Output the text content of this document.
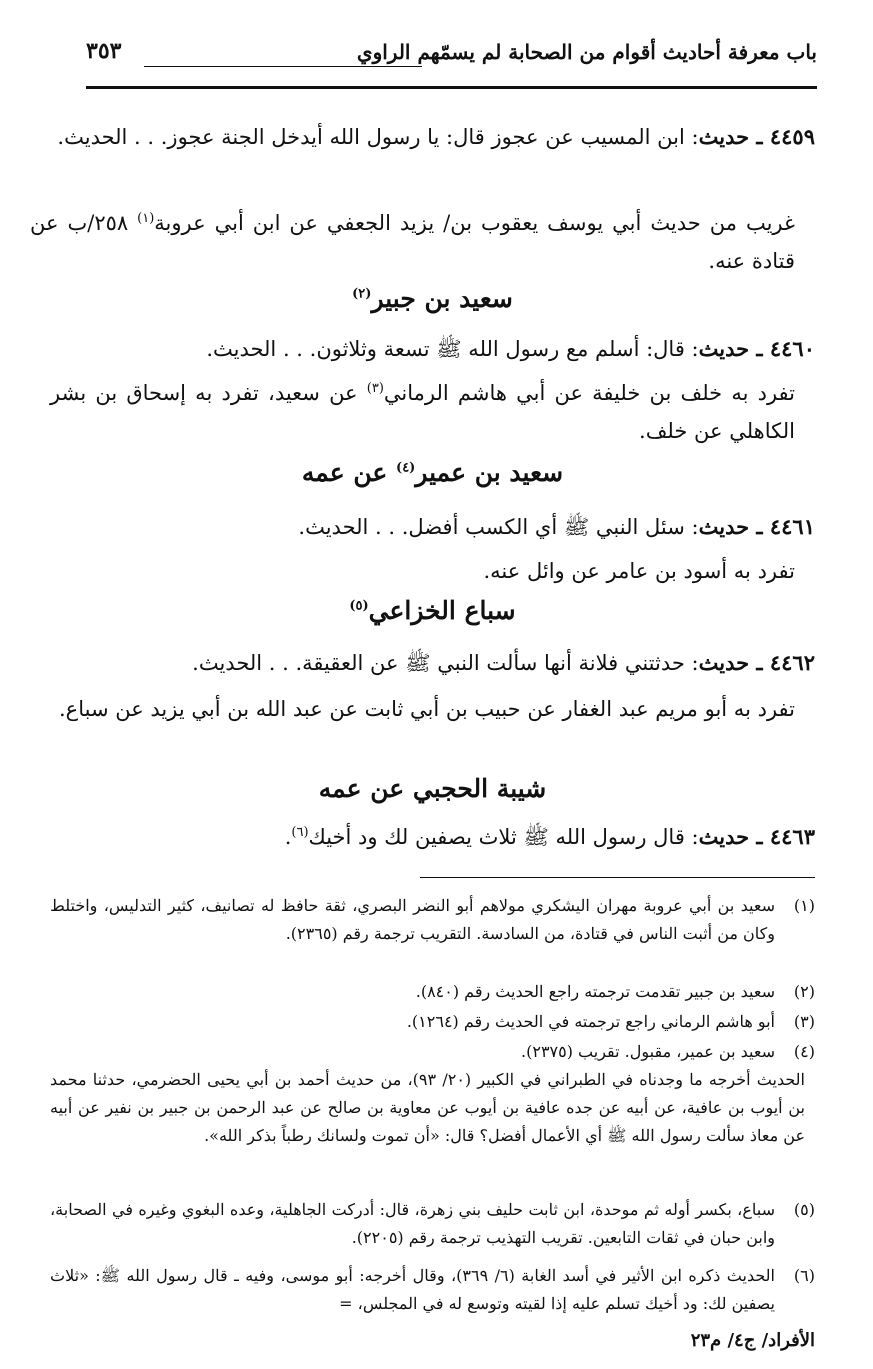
باب معرفة أحاديث أقوام من الصحابة لم يسمّهم الراوي
٣٥٣
٤٤٥٩ ـ حديث: ابن المسيب عن عجوز قال: يا رسول الله أيدخل الجنة عجوز. . . الحديث.
غريب من حديث أبي يوسف يعقوب بن/ يزيد الجعفي عن ابن أبي عروبة$^{(١)}$ ٢٥٨/ب عن قتادة عنه.
سعيد بن جبير$^{(٢)}$
٤٤٦٠ ـ حديث: قال: أسلم مع رسول الله ﷺ تسعة وثلاثون. . . الحديث.
تفرد به خلف بن خليفة عن أبي هاشم الرماني$^{(٣)}$ عن سعيد، تفرد به إسحاق بن بشر الكاهلي عن خلف.
سعيد بن عمير$^{(٤)}$ عن عمه
٤٤٦١ ـ حديث: سئل النبي ﷺ أي الكسب أفضل. . . الحديث.
تفرد به أسود بن عامر عن وائل عنه.
سباع الخزاعي$^{(٥)}$
٤٤٦٢ ـ حديث: حدثتني فلانة أنها سألت النبي ﷺ عن العقيقة. . . الحديث.
تفرد به أبو مريم عبد الغفار عن حبيب بن أبي ثابت عن عبد الله بن أبي يزيد عن سباع.
شيبة الحجبي عن عمه
٤٤٦٣ ـ حديث: قال رسول الله ﷺ ثلاث يصفين لك ود أخيك$^{(٦)}$.
(١)
سعيد بن أبي عروبة مهران اليشكري مولاهم أبو النضر البصري، ثقة حافظ له تصانيف، كثير التدليس، واختلط وكان من أثبت الناس في قتادة، من السادسة. التقريب ترجمة رقم (٢٣٦٥).
(٢)
سعيد بن جبير تقدمت ترجمته راجع الحديث رقم (٨٤٠).
(٣)
أبو هاشم الرماني راجع ترجمته في الحديث رقم (١٢٦٤).
(٤)
سعيد بن عمير، مقبول. تقريب (٢٣٧٥).
الحديث أخرجه ما وجدناه في الطبراني في الكبير (٢٠/ ٩٣)، من حديث أحمد بن أبي يحيى الحضرمي، حدثنا محمد بن أيوب بن عافية، عن أبيه عن جده عافية بن أيوب عن معاوية بن صالح عن عبد الرحمن بن جبير بن نفير عن أبيه عن معاذ سألت رسول الله ﷺ أي الأعمال أفضل؟ قال: «أن تموت ولسانك رطباً بذكر الله».
(٥)
سباع، بكسر أوله ثم موحدة، ابن ثابت حليف بني زهرة، قال: أدركت الجاهلية، وعده البغوي وغيره في الصحابة، وابن حبان في ثقات التابعين. تقريب التهذيب ترجمة رقم (٢٢٠٥).
(٦)
الحديث ذكره ابن الأثير في أسد الغابة (٦/ ٣٦٩)، وقال أخرجه: أبو موسى، وفيه ـ قال رسول الله ﷺ: «ثلاث يصفين لك: ود أخيك تسلم عليه إذا لقيته وتوسع له في المجلس، =
الأفراد/ ج٤/ م٢٣
